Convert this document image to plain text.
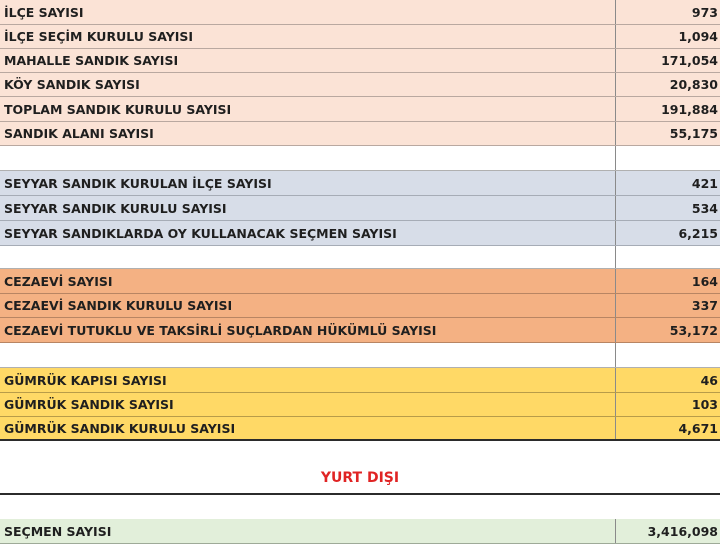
İLÇE SAYISI	973
İLÇE SEÇİM KURULU SAYISI	1,094
MAHALLE SANDIK SAYISI	171,054
KÖY SANDIK SAYISI	20,830
TOPLAM SANDIK KURULU SAYISI	191,884
SANDIK ALANI SAYISI	55,175
SEYYAR SANDIK KURULAN İLÇE SAYISI	421
SEYYAR SANDIK KURULU SAYISI	534
SEYYAR SANDIKLARDA OY KULLANACAK SEÇMEN SAYISI	6,215
CEZAEVİ SAYISI	164
CEZAEVİ SANDIK KURULU SAYISI	337
CEZAEVİ TUTUKLU VE TAKSİRLİ SUÇLARDAN HÜKÜMLÜ SAYISI	53,172
GÜMRÜK KAPISI SAYISI	46
GÜMRÜK SANDIK SAYISI	103
GÜMRÜK SANDIK KURULU SAYISI	4,671
YURT DIŞI
SEÇMEN SAYISI	3,416,098
